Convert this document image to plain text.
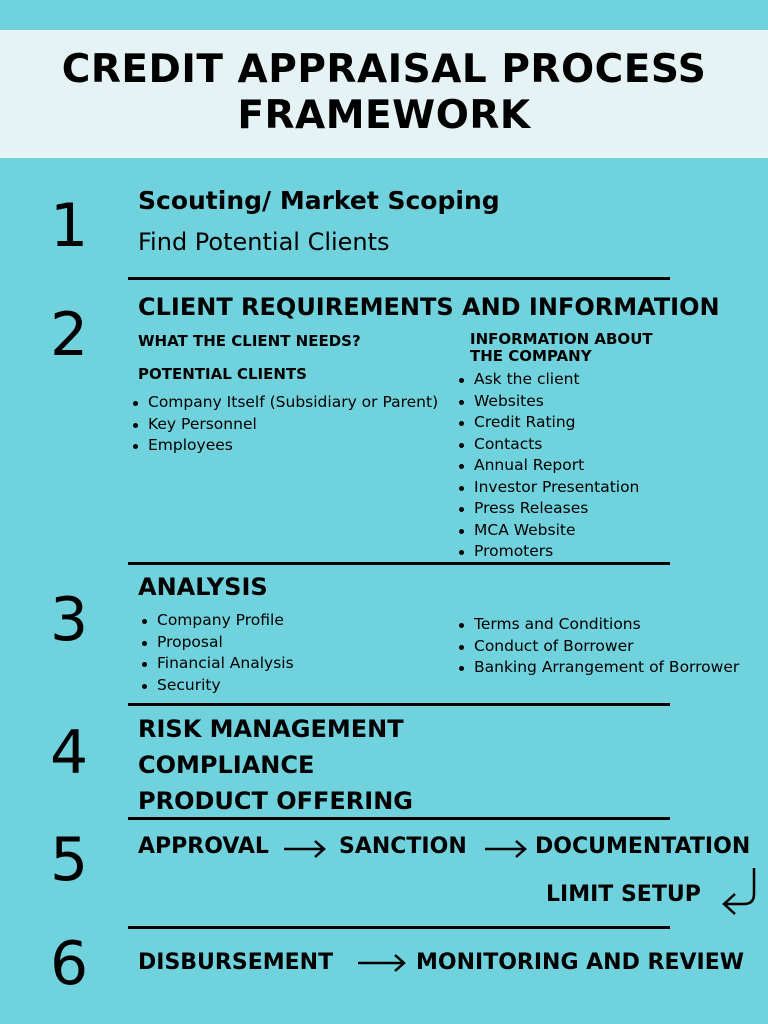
CREDIT APPRAISAL PROCESS
FRAMEWORK
1 Scouting/ Market Scoping
Find Potential Clients
2 CLIENT REQUIREMENTS AND INFORMATION
WHAT THE CLIENT NEEDS?
POTENTIAL CLIENTS
Company Itself (Subsidiary or Parent)
Key Personnel
Employees
INFORMATION ABOUT
THE COMPANY
Ask the client
Websites
Credit Rating
Contacts
Annual Report
Investor Presentation
Press Releases
MCA Website
Promoters
3 ANALYSIS
Company Profile
Proposal
Financial Analysis
Security
Terms and Conditions
Conduct of Borrower
Banking Arrangement of Borrower
4 RISK MANAGEMENT
COMPLIANCE
PRODUCT OFFERING
5 APPROVAL	SANCTION	DOCUMENTATION
LIMIT SETUP
6 DISBURSEMENT	MONITORING AND REVIEW
